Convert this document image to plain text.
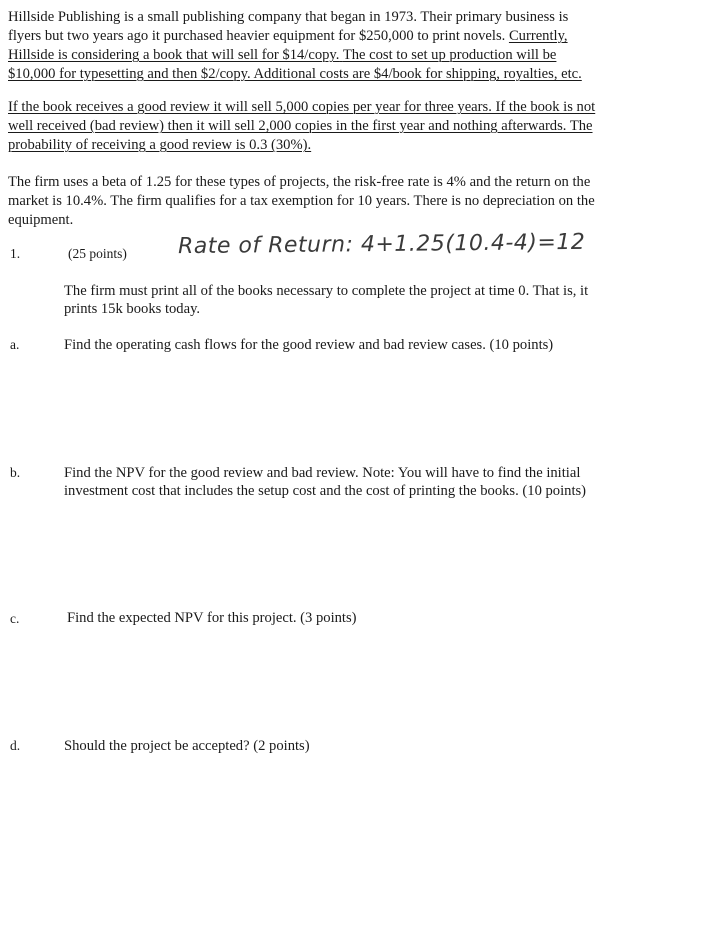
Hillside Publishing is a small publishing company that began in 1973. Their primary business is
flyers but two years ago it purchased heavier equipment for $250,000 to print novels. Currently,
Hillside is considering a book that will sell for $14/copy. The cost to set up production will be
$10,000 for typesetting and then $2/copy. Additional costs are $4/book for shipping, royalties, etc.
If the book receives a good review it will sell 5,000 copies per year for three years. If the book is not
well received (bad review) then it will sell 2,000 copies in the first year and nothing afterwards. The
probability of receiving a good review is 0.3 (30%).
The firm uses a beta of 1.25 for these types of projects, the risk-free rate is 4% and the return on the
market is 10.4%. The firm qualifies for a tax exemption for 10 years. There is no depreciation on the
equipment.
1.	(25 points) Rate of Return: 4+1.25(10.4-4)=12
The firm must print all of the books necessary to complete the project at time 0. That is, it
prints 15k books today.
a.	Find the operating cash flows for the good review and bad review cases. (10 points)
b.	Find the NPV for the good review and bad review. Note: You will have to find the initial
investment cost that includes the setup cost and the cost of printing the books. (10 points)
c.	Find the expected NPV for this project. (3 points)
d.	Should the project be accepted? (2 points)
